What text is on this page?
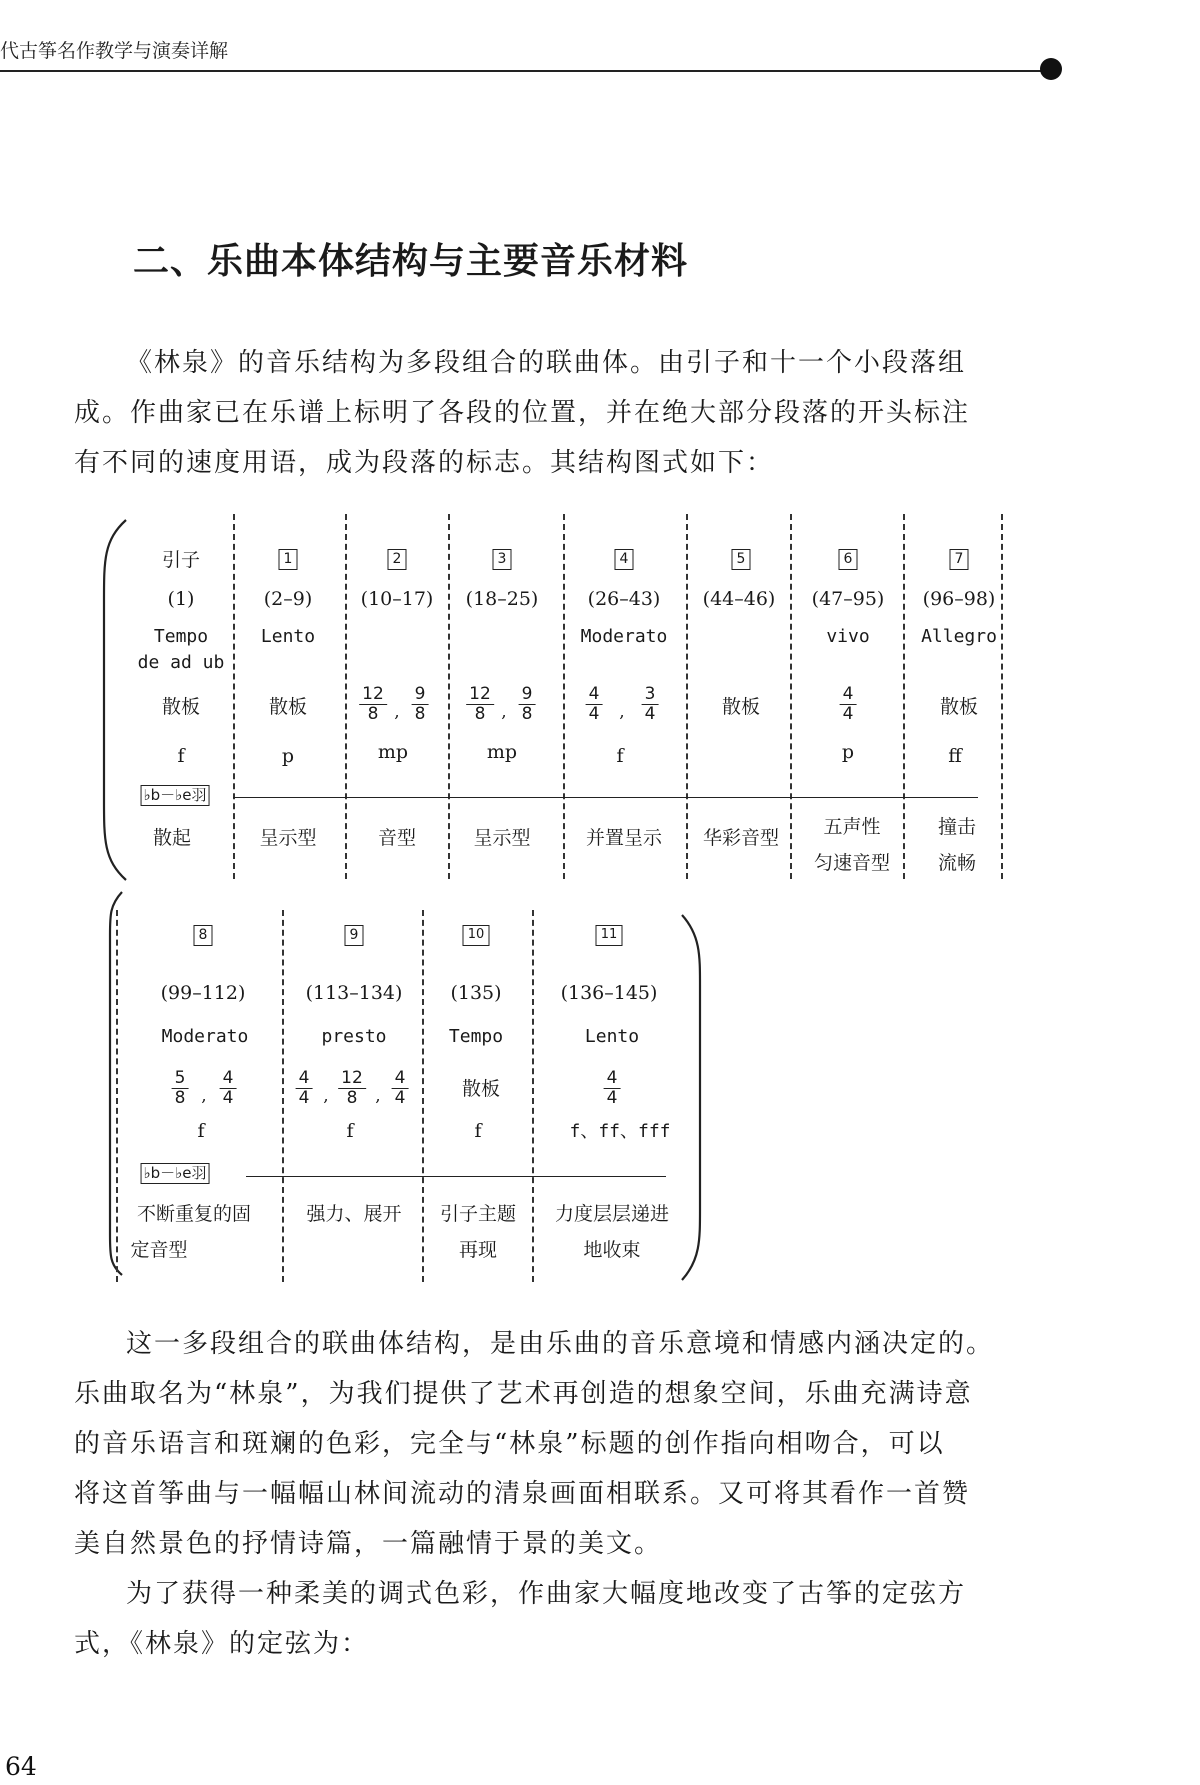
代古筝名作教学与演奏详解
二、乐曲本体结构与主要音乐材料

《林泉》的音乐结构为多段组合的联曲体。由引子和十一个小段落组
成。作曲家已在乐谱上标明了各段的位置，并在绝大部分段落的开头标注
有不同的速度用语，成为段落的标志。其结构图式如下：

引子
(1)
Tempo
de ad ub
散板
f
♭b－♭e羽
散起
1
(2–9)
Lento
散板
p
呈示型
2
(10–17)
$\frac{12}{8}$ , $\frac{9}{8}$
mp
音型
3
(18–25)
$\frac{12}{8}$ , $\frac{9}{8}$
mp
呈示型
4
(26–43)
Moderato
$\frac{4}{4}$ , $\frac{3}{4}$
f
并置呈示
5
(44–46)
散板
华彩音型
6
(47–95)
vivo
$\frac{4}{4}$
p
五声性
匀速音型
7
(96–98)
Allegro
散板
ff
撞击
流畅
8
(99–112)
Moderato
$\frac{5}{8}$ , $\frac{4}{4}$
f
♭b－♭e羽
不断重复的固
定音型
9
(113–134)
presto
$\frac{4}{4}$ , $\frac{12}{8}$ , $\frac{4}{4}$
f
强力、展开
10
(135)
Tempo
散板
f
引子主题
再现
11
(136–145)
Lento
$\frac{4}{4}$
f、ff、fff
力度层层递进
地收束

这一多段组合的联曲体结构，是由乐曲的音乐意境和情感内涵决定的。
乐曲取名为“林泉”，为我们提供了艺术再创造的想象空间，乐曲充满诗意
的音乐语言和斑斓的色彩，完全与“林泉”标题的创作指向相吻合，可以
将这首筝曲与一幅幅山林间流动的清泉画面相联系。又可将其看作一首赞
美自然景色的抒情诗篇，一篇融情于景的美文。

为了获得一种柔美的调式色彩，作曲家大幅度地改变了古筝的定弦方
式，《林泉》的定弦为：

64
